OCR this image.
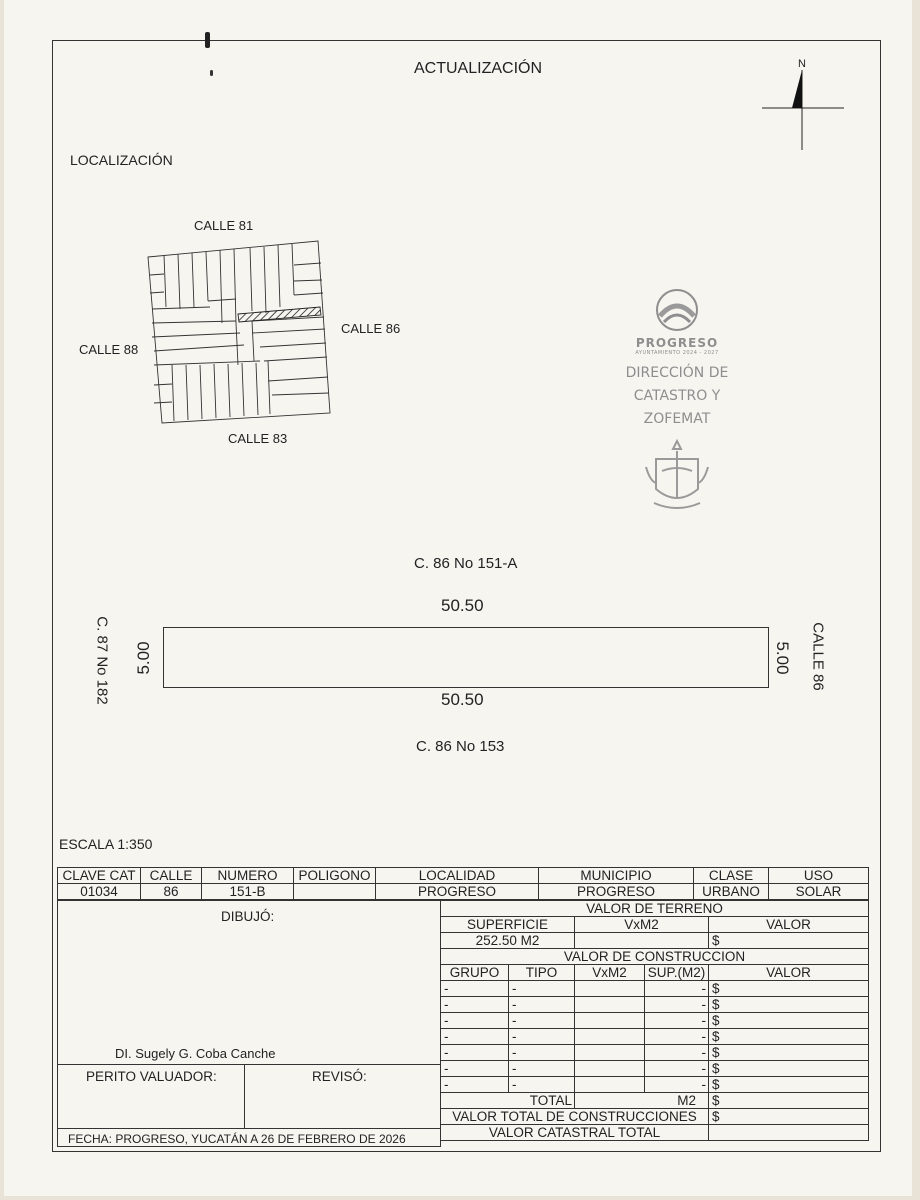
ACTUALIZACIÓN	N
LOCALIZACIÓN
CALLE 81
CALLE 86
CALLE 88
CALLE 83
PROGRESO
AYUNTAMIENTO 2024 - 2027
DIRECCIÓN DE
CATASTRO Y
ZOFEMAT
C. 86 No 151-A
50.50
50.50
C. 86 No 153
5.00	5.00
C. 87 No 182	CALLE 86
ESCALA 1:350
CLAVE CAT	CALLE	NUMERO	POLIGONO	LOCALIDAD	MUNICIPIO	CLASE	USO
01034	86	151-B		PROGRESO	PROGRESO	URBANO	SOLAR
DIBUJÓ:
DI. Sugely G. Coba Canche
PERITO VALUADOR:	REVISÓ:
FECHA: PROGRESO, YUCATÁN A 26 DE FEBRERO DE 2026
VALOR DE TERRENO				
SUPERFICIE		VxM2		VALOR
252.50 M2				$
VALOR DE CONSTRUCCION				
GRUPO	TIPO	VxM2	SUP.(M2)	VALOR
-	-		-	$
-	-		-	$
-	-		-	$
-	-		-	$
-	-		-	$
-	-		-	$
-	-		-	$
TOTAL		M2		$
VALOR TOTAL DE CONSTRUCCIONES				$
VALOR CATASTRAL TOTAL				
